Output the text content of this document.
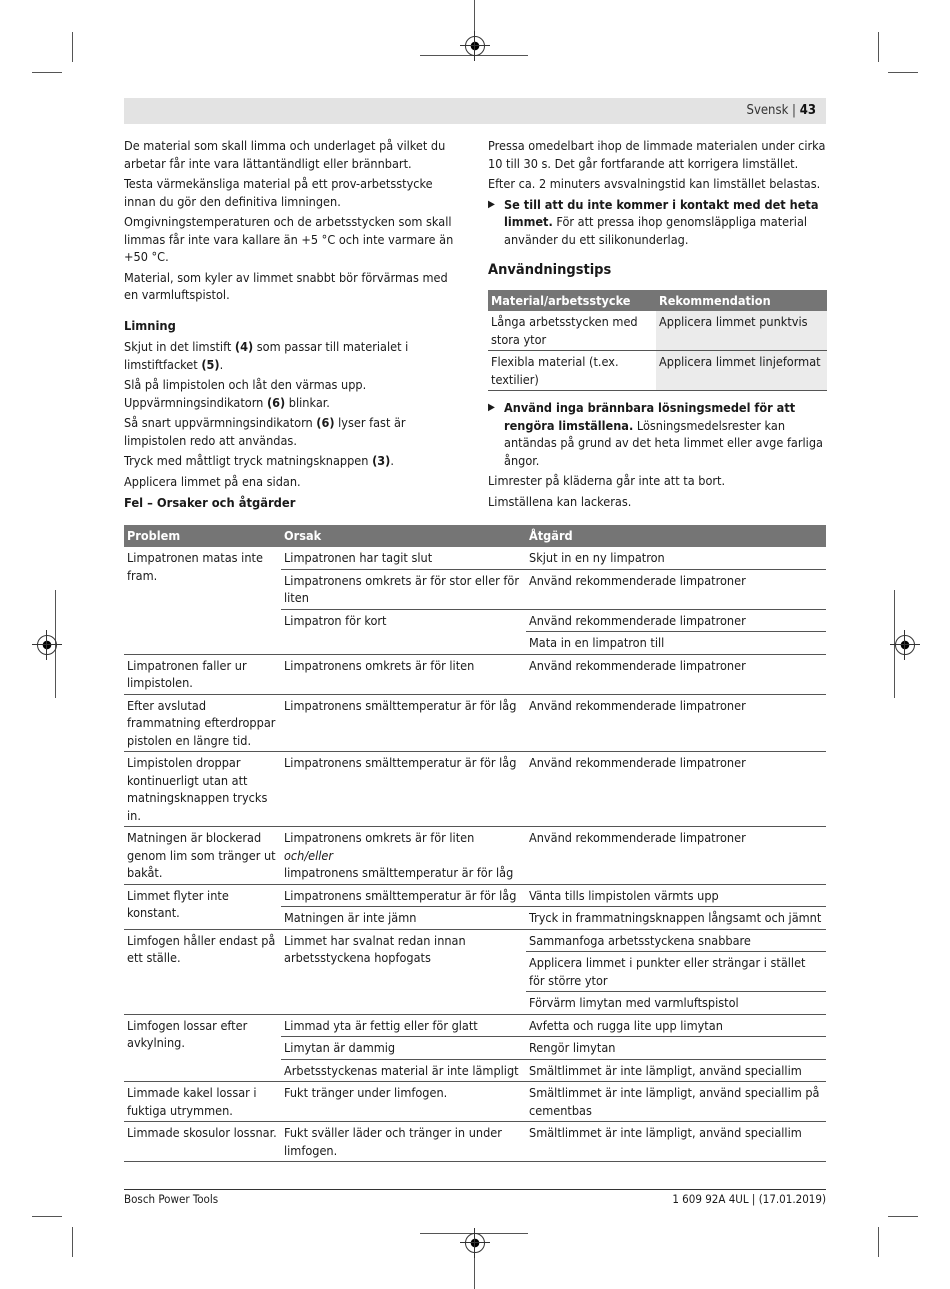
Svensk | 43

De material som skall limma och underlaget på vilket du arbetar får inte vara lättantändligt eller brännbart.

Testa värmekänsliga material på ett prov-arbetsstycke innan du gör den definitiva limningen.

Omgivningstemperaturen och de arbetsstycken som skall limmas får inte vara kallare än +5 °C och inte varmare än +50 °C.

Material, som kyler av limmet snabbt bör förvärmas med en varmluftspistol.

Limning

Skjut in det limstift (4) som passar till materialet i limstiftfacket (5).

Slå på limpistolen och låt den värmas upp.
Uppvärmningsindikatorn (6) blinkar.

Så snart uppvärmningsindikatorn (6) lyser fast är limpistolen redo att användas.

Tryck med måttligt tryck matningsknappen (3).

Applicera limmet på ena sidan.

Pressa omedelbart ihop de limmade materialen under cirka 10 till 30 s. Det går fortfarande att korrigera limstället.

Efter ca. 2 minuters avsvalningstid kan limstället belastas.

▶ Se till att du inte kommer i kontakt med det heta limmet. För att pressa ihop genomsläppliga material använder du ett silikonunderlag.

Användningstips
Material/arbetsstycke	Rekommendation
Långa arbetsstycken med stora ytor	Applicera limmet punktvis
Flexibla material (t.ex. textilier)	Applicera limmet linjeformat

▶ Använd inga brännbara lösningsmedel för att rengöra limställena. Lösningsmedelsrester kan antändas på grund av det heta limmet eller avge farliga ångor.

Limrester på kläderna går inte att ta bort.

Limställena kan lackeras.

Fel – Orsaker och åtgärder
Problem	Orsak	Åtgärd
Limpatronen matas inte fram.	Limpatronen har tagit slut	Skjut in en ny limpatron
	Limpatronens omkrets är för stor eller för liten	Använd rekommenderade limpatroner
	Limpatron för kort	Använd rekommenderade limpatroner
		Mata in en limpatron till
Limpatronen faller ur limpistolen.	Limpatronens omkrets är för liten	Använd rekommenderade limpatroner
Efter avslutad frammatning efterdroppar pistolen en längre tid.	Limpatronens smälttemperatur är för låg	Använd rekommenderade limpatroner
Limpistolen droppar kontinuerligt utan att matningsknappen trycks in.	Limpatronens smälttemperatur är för låg	Använd rekommenderade limpatroner
Matningen är blockerad genom lim som tränger ut bakåt.	Limpatronens omkrets är för liten
och/eller
limpatronens smälttemperatur är för låg	Använd rekommenderade limpatroner
Limmet flyter inte konstant.	Limpatronens smälttemperatur är för låg	Vänta tills limpistolen värmts upp
	Matningen är inte jämn	Tryck in frammatningsknappen långsamt och jämnt
Limfogen håller endast på ett ställe.	Limmet har svalnat redan innan arbetsstyckena hopfogats	Sammanfoga arbetsstyckena snabbare
		Applicera limmet i punkter eller strängar i stället för större ytor
		Förvärm limytan med varmluftspistol
Limfogen lossar efter avkylning.	Limmad yta är fettig eller för glatt	Avfetta och rugga lite upp limytan
	Limytan är dammig	Rengör limytan
	Arbetsstyckenas material är inte lämpligt	Smältlimmet är inte lämpligt, använd speciallim
Limmade kakel lossar i fuktiga utrymmen.	Fukt tränger under limfogen.	Smältlimmet är inte lämpligt, använd speciallim på cementbas
Limmade skosulor lossnar.	Fukt sväller läder och tränger in under limfogen.	Smältlimmet är inte lämpligt, använd speciallim
Bosch Power Tools	1 609 92A 4UL | (17.01.2019)
